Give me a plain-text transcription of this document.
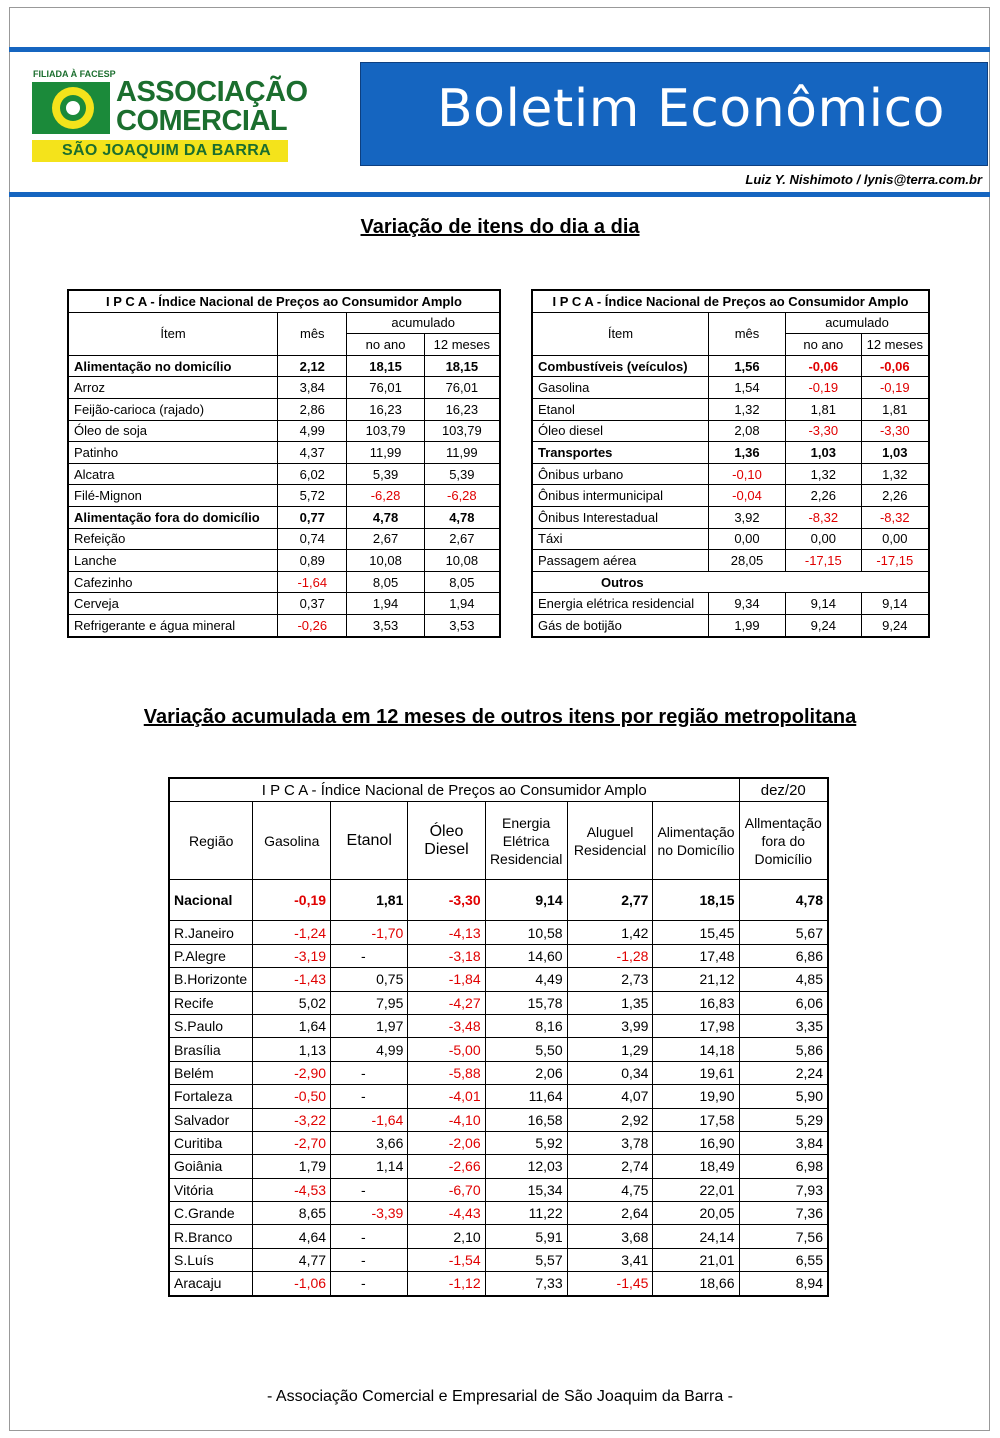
FILIADA À FACESP
ASSOCIAÇÃO
COMERCIAL
SÃO JOAQUIM DA BARRA
Boletim Econômico
Luiz Y. Nishimoto / lynis@terra.com.br
Variação de itens do dia a dia
I P C A - Índice Nacional de Preços ao Consumidor Amplo			
Ítem	mês	acumulado	
		no ano	12 meses
Alimentação no domicílio	2,12	18,15	18,15
Arroz	3,84	76,01	76,01
Feijão-carioca (rajado)	2,86	16,23	16,23
Óleo de soja	4,99	103,79	103,79
Patinho	4,37	11,99	11,99
Alcatra	6,02	5,39	5,39
Filé-Mignon	5,72	-6,28	-6,28
Alimentação fora do domicílio	0,77	4,78	4,78
Refeição	0,74	2,67	2,67
Lanche	0,89	10,08	10,08
Cafezinho	-1,64	8,05	8,05
Cerveja	0,37	1,94	1,94
Refrigerante e água mineral	-0,26	3,53	3,53
I P C A - Índice Nacional de Preços ao Consumidor Amplo			
Ítem	mês	acumulado	
		no ano	12 meses
Combustíveis (veículos)	1,56	-0,06	-0,06
Gasolina	1,54	-0,19	-0,19
Etanol	1,32	1,81	1,81
Óleo diesel	2,08	-3,30	-3,30
Transportes	1,36	1,03	1,03
Ônibus urbano	-0,10	1,32	1,32
Ônibus intermunicipal	-0,04	2,26	2,26
Ônibus Interestadual	3,92	-8,32	-8,32
Táxi	0,00	0,00	0,00
Passagem aérea	28,05	-17,15	-17,15
Outros			
Energia elétrica residencial	9,34	9,14	9,14
Gás de botijão	1,99	9,24	9,24
Variação acumulada em 12 meses de outros itens por região metropolitana
I P C A - Índice Nacional de Preços ao Consumidor Amplo							dez/20
Região	Gasolina	Etanol	Óleo Diesel	Energia Elétrica Residencial	Aluguel Residencial	Alimentação no Domicílio	Allmentação fora do Domicílio
Nacional	-0,19	1,81	-3,30	9,14	2,77	18,15	4,78
R.Janeiro	-1,24	-1,70	-4,13	10,58	1,42	15,45	5,67
P.Alegre	-3,19	-	-3,18	14,60	-1,28	17,48	6,86
B.Horizonte	-1,43	0,75	-1,84	4,49	2,73	21,12	4,85
Recife	5,02	7,95	-4,27	15,78	1,35	16,83	6,06
S.Paulo	1,64	1,97	-3,48	8,16	3,99	17,98	3,35
Brasília	1,13	4,99	-5,00	5,50	1,29	14,18	5,86
Belém	-2,90	-	-5,88	2,06	0,34	19,61	2,24
Fortaleza	-0,50	-	-4,01	11,64	4,07	19,90	5,90
Salvador	-3,22	-1,64	-4,10	16,58	2,92	17,58	5,29
Curitiba	-2,70	3,66	-2,06	5,92	3,78	16,90	3,84
Goiânia	1,79	1,14	-2,66	12,03	2,74	18,49	6,98
Vitória	-4,53	-	-6,70	15,34	4,75	22,01	7,93
C.Grande	8,65	-3,39	-4,43	11,22	2,64	20,05	7,36
R.Branco	4,64	-	2,10	5,91	3,68	24,14	7,56
S.Luís	4,77	-	-1,54	5,57	3,41	21,01	6,55
Aracaju	-1,06	-	-1,12	7,33	-1,45	18,66	8,94
- Associação Comercial e Empresarial de São Joaquim da Barra -
